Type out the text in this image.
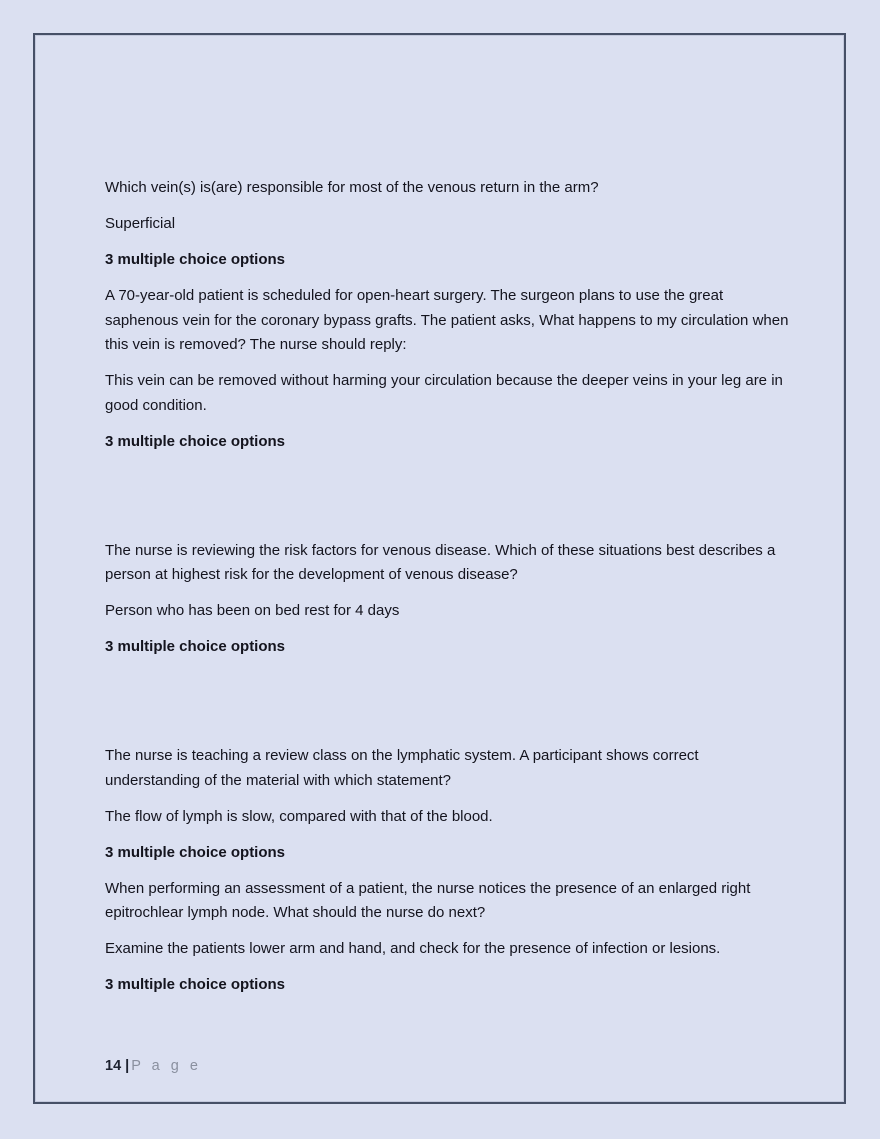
Which vein(s) is(are) responsible for most of the venous return in the arm?

Superficial

3 multiple choice options

A 70-year-old patient is scheduled for open-heart surgery. The surgeon plans to use the great saphenous vein for the coronary bypass grafts. The patient asks, What happens to my circulation when this vein is removed? The nurse should reply:

This vein can be removed without harming your circulation because the deeper veins in your leg are in good condition.

3 multiple choice options

The nurse is reviewing the risk factors for venous disease. Which of these situations best describes a person at highest risk for the development of venous disease?

Person who has been on bed rest for 4 days

3 multiple choice options

The nurse is teaching a review class on the lymphatic system. A participant shows correct understanding of the material with which statement?

The flow of lymph is slow, compared with that of the blood.

3 multiple choice options

When performing an assessment of a patient, the nurse notices the presence of an enlarged right epitrochlear lymph node. What should the nurse do next?

Examine the patients lower arm and hand, and check for the presence of infection or lesions.

3 multiple choice options

14 | P a g e
